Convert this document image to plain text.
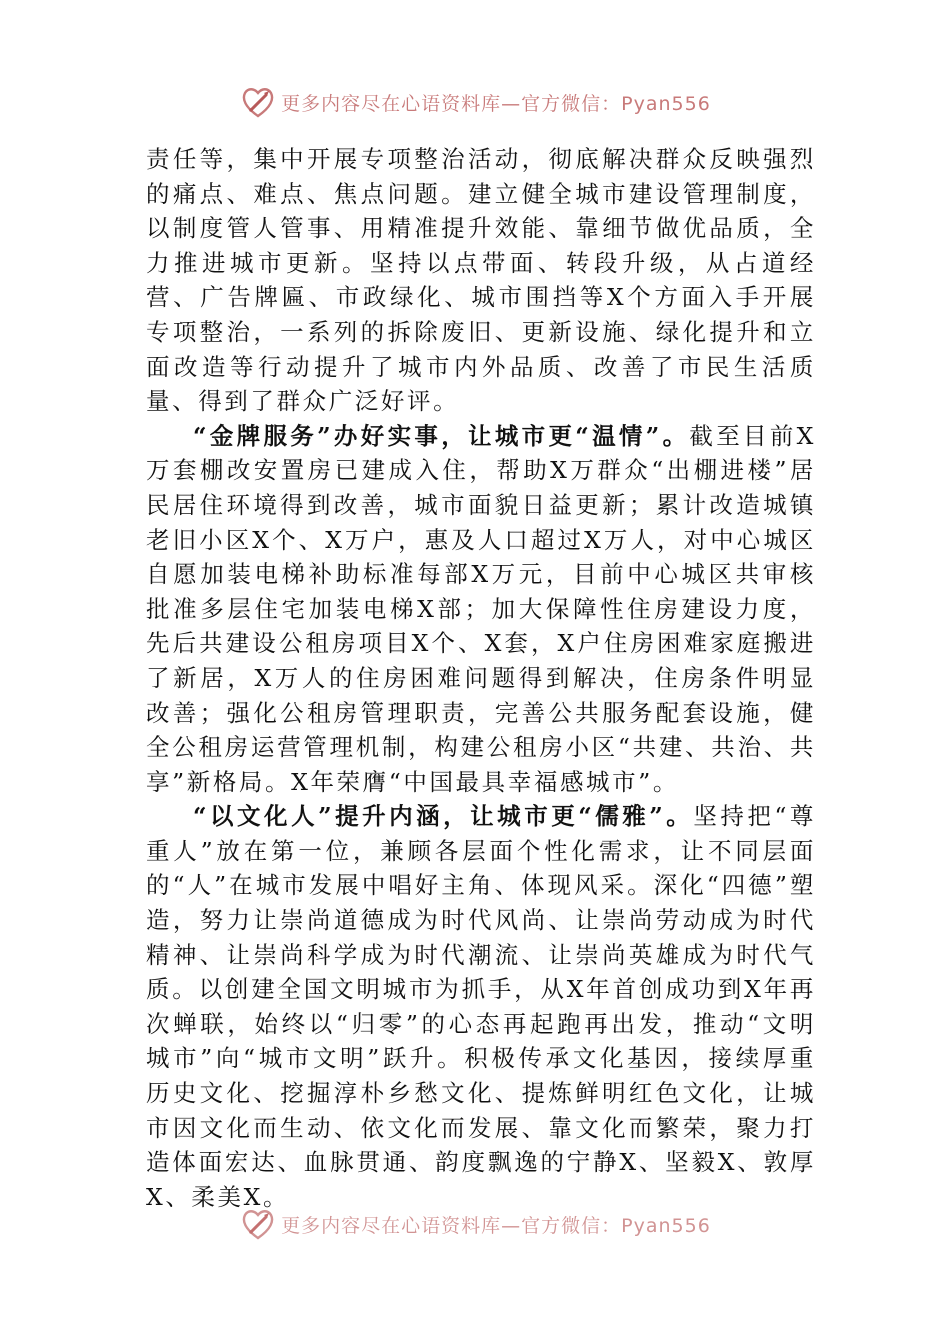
更多内容尽在心语资料库—官方微信：Pyan556

责任等，集中开展专项整治活动，彻底解决群众反映强烈的痛点、难点、焦点问题。建立健全城市建设管理制度，以制度管人管事、用精准提升效能、靠细节做优品质，全力推进城市更新。坚持以点带面、转段升级，从占道经营、广告牌匾、市政绿化、城市围挡等X个方面入手开展专项整治，一系列的拆除废旧、更新设施、绿化提升和立面改造等行动提升了城市内外品质、改善了市民生活质量、得到了群众广泛好评。

“金牌服务”办好实事，让城市更“温情”。截至目前X万套棚改安置房已建成入住，帮助X万群众“出棚进楼”居民居住环境得到改善，城市面貌日益更新；累计改造城镇老旧小区X个、X万户，惠及人口超过X万人，对中心城区自愿加装电梯补助标准每部X万元，目前中心城区共审核批准多层住宅加装电梯X部；加大保障性住房建设力度，先后共建设公租房项目X个、X套，X户住房困难家庭搬进了新居，X万人的住房困难问题得到解决，住房条件明显改善；强化公租房管理职责，完善公共服务配套设施，健全公租房运营管理机制，构建公租房小区“共建、共治、共享”新格局。X年荣膺“中国最具幸福感城市”。

“以文化人”提升内涵，让城市更“儒雅”。坚持把“尊重人”放在第一位，兼顾各层面个性化需求，让不同层面的“人”在城市发展中唱好主角、体现风采。深化“四德”塑造，努力让崇尚道德成为时代风尚、让崇尚劳动成为时代精神、让崇尚科学成为时代潮流、让崇尚英雄成为时代气质。以创建全国文明城市为抓手，从X年首创成功到X年再次蝉联，始终以“归零”的心态再起跑再出发，推动“文明城市”向“城市文明”跃升。积极传承文化基因，接续厚重历史文化、挖掘淳朴乡愁文化、提炼鲜明红色文化，让城市因文化而生动、依文化而发展、靠文化而繁荣，聚力打造体面宏达、血脉贯通、韵度飘逸的宁静X、坚毅X、敦厚X、柔美X。

更多内容尽在心语资料库—官方微信：Pyan556
